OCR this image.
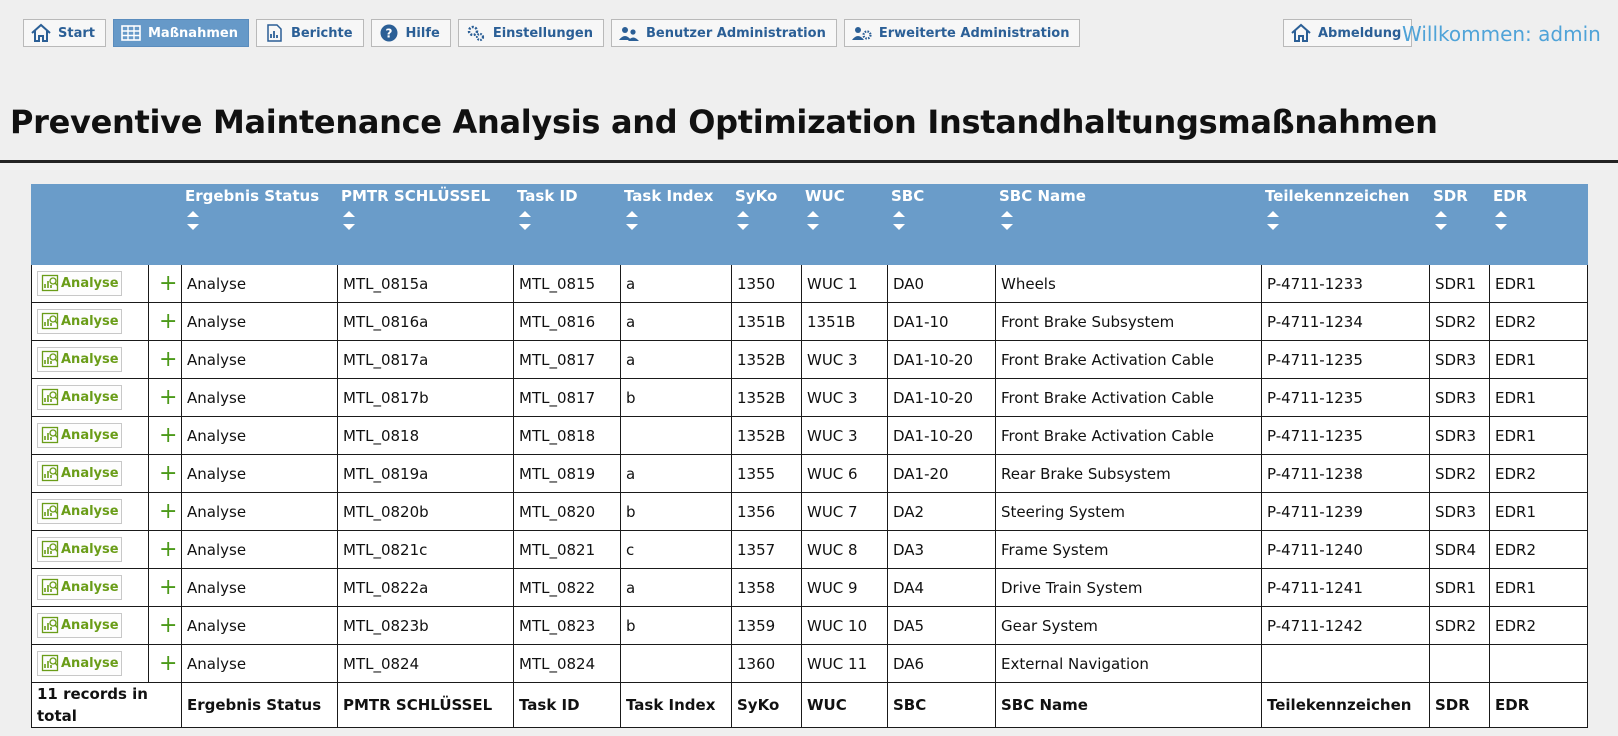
Start	Maßnahmen	Berichte	? Hilfe	Einstellungen	Benutzer Administration	Erweiterte Administration	Abmeldung Willkommen: admin
Preventive Maintenance Analysis and Optimization Instandhaltungsmaßnahmen

		Ergebnis Status	PMTR SCHLÜSSEL	Task ID	Task Index	SyKo	WUC	SBC	SBC Name	Teilekennzeichen	SDR	EDR

Analyse	+	Analyse	MTL_0815a	MTL_0815	a	1350	WUC 1	DA0	Wheels	P-4711-1233	SDR1	EDR1

Analyse	+	Analyse	MTL_0816a	MTL_0816	a	1351B	1351B	DA1-10	Front Brake Subsystem	P-4711-1234	SDR2	EDR2

Analyse	+	Analyse	MTL_0817a	MTL_0817	a	1352B	WUC 3	DA1-10-20	Front Brake Activation Cable	P-4711-1235	SDR3	EDR1

Analyse	+	Analyse	MTL_0817b	MTL_0817	b	1352B	WUC 3	DA1-10-20	Front Brake Activation Cable	P-4711-1235	SDR3	EDR1

Analyse	+	Analyse	MTL_0818	MTL_0818		1352B	WUC 3	DA1-10-20	Front Brake Activation Cable	P-4711-1235	SDR3	EDR1

Analyse	+	Analyse	MTL_0819a	MTL_0819	a	1355	WUC 6	DA1-20	Rear Brake Subsystem	P-4711-1238	SDR2	EDR2

Analyse	+	Analyse	MTL_0820b	MTL_0820	b	1356	WUC 7	DA2	Steering System	P-4711-1239	SDR3	EDR1

Analyse	+	Analyse	MTL_0821c	MTL_0821	c	1357	WUC 8	DA3	Frame System	P-4711-1240	SDR4	EDR2

Analyse	+	Analyse	MTL_0822a	MTL_0822	a	1358	WUC 9	DA4	Drive Train System	P-4711-1241	SDR1	EDR1

Analyse	+	Analyse	MTL_0823b	MTL_0823	b	1359	WUC 10	DA5	Gear System	P-4711-1242	SDR2	EDR2

Analyse	+	Analyse	MTL_0824	MTL_0824		1360	WUC 11	DA6	External Navigation			
11 records in total		Ergebnis Status	PMTR SCHLÜSSEL	Task ID	Task Index	SyKo	WUC	SBC	SBC Name	Teilekennzeichen	SDR	EDR
